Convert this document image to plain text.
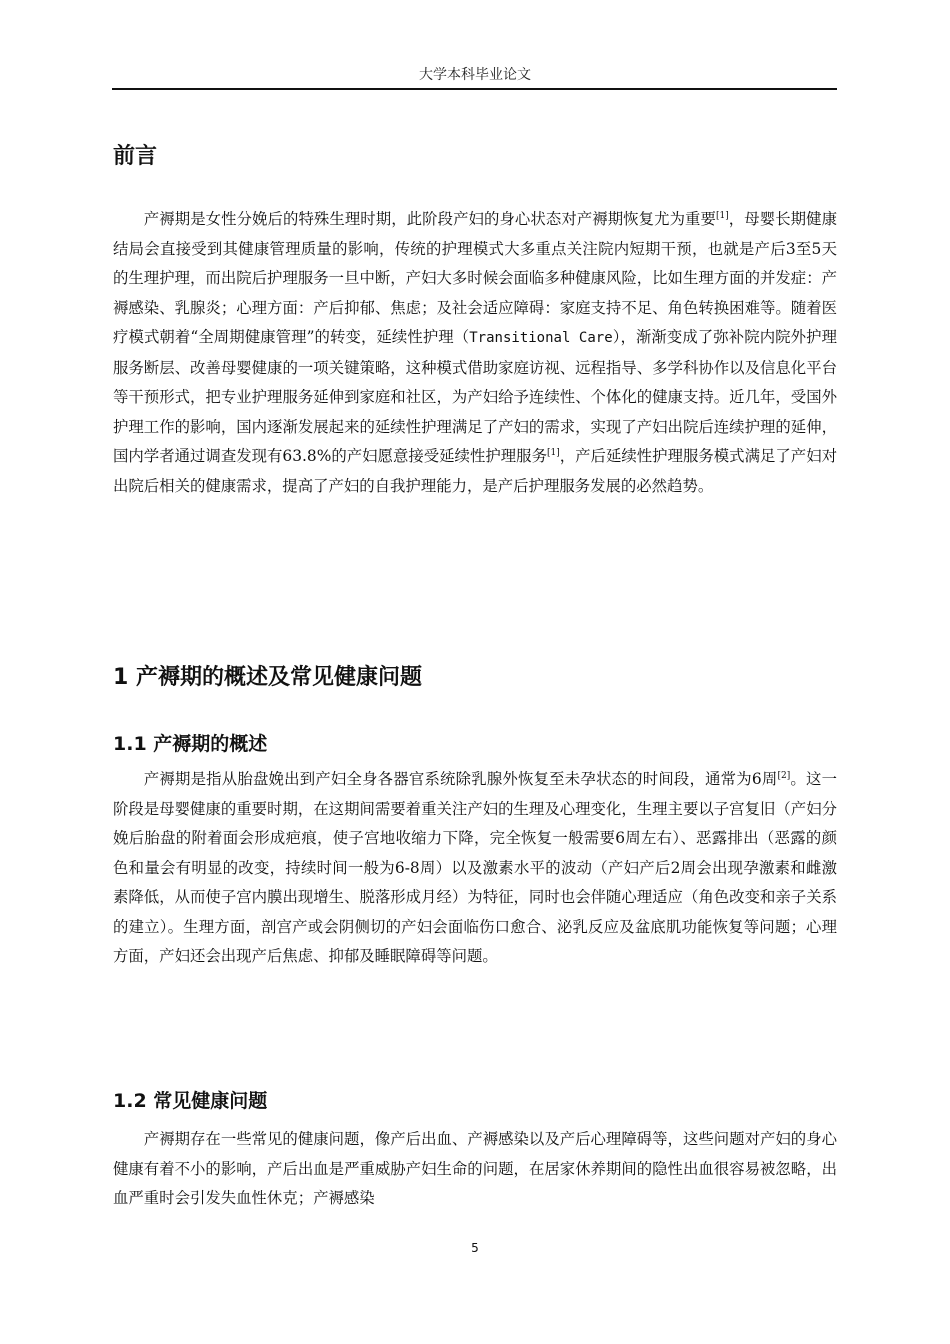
大学本科毕业论文
前言

产褥期是女性分娩后的特殊生理时期，此阶段产妇的身心状态对产褥期恢复尤为重要[1]，母婴长期健康结局会直接受到其健康管理质量的影响，传统的护理模式大多重点关注院内短期干预，也就是产后3至5天的生理护理，而出院后护理服务一旦中断，产妇大多时候会面临多种健康风险，比如生理方面的并发症：产褥感染、乳腺炎；心理方面：产后抑郁、焦虑；及社会适应障碍：家庭支持不足、角色转换困难等。随着医疗模式朝着“全周期健康管理”的转变，延续性护理（Transitional Care），渐渐变成了弥补院内院外护理服务断层、改善母婴健康的一项关键策略，这种模式借助家庭访视、远程指导、多学科协作以及信息化平台等干预形式，把专业护理服务延伸到家庭和社区，为产妇给予连续性、个体化的健康支持。近几年，受国外护理工作的影响，国内逐渐发展起来的延续性护理满足了产妇的需求，实现了产妇出院后连续护理的延伸，国内学者通过调查发现有63.8%的产妇愿意接受延续性护理服务[1]，产后延续性护理服务模式满足了产妇对出院后相关的健康需求，提高了产妇的自我护理能力，是产后护理服务发展的必然趋势。

1 产褥期的概述及常见健康问题
1.1 产褥期的概述

产褥期是指从胎盘娩出到产妇全身各器官系统除乳腺外恢复至未孕状态的时间段，通常为6周[2]。这一阶段是母婴健康的重要时期，在这期间需要着重关注产妇的生理及心理变化，生理主要以子宫复旧（产妇分娩后胎盘的附着面会形成疤痕，使子宫地收缩力下降，完全恢复一般需要6周左右）、恶露排出（恶露的颜色和量会有明显的改变，持续时间一般为6-8周）以及激素水平的波动（产妇产后2周会出现孕激素和雌激素降低，从而使子宫内膜出现增生、脱落形成月经）为特征，同时也会伴随心理适应（角色改变和亲子关系的建立）。生理方面，剖宫产或会阴侧切的产妇会面临伤口愈合、泌乳反应及盆底肌功能恢复等问题；心理方面，产妇还会出现产后焦虑、抑郁及睡眠障碍等问题。

1.2 常见健康问题

产褥期存在一些常见的健康问题，像产后出血、产褥感染以及产后心理障碍等，这些问题对产妇的身心健康有着不小的影响，产后出血是严重威胁产妇生命的问题，在居家休养期间的隐性出血很容易被忽略，出血严重时会引发失血性休克；产褥感染

5
